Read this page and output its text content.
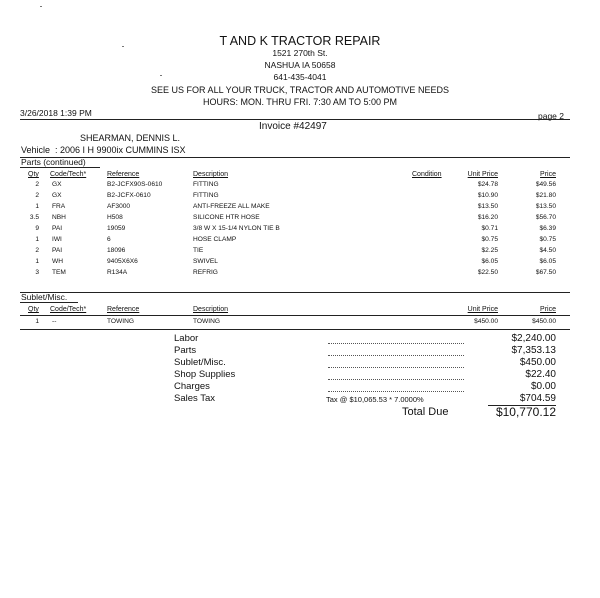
T AND K TRACTOR REPAIR
1521 270th St.
NASHUA IA 50658
641-435-4041
SEE US FOR ALL YOUR TRUCK, TRACTOR AND AUTOMOTIVE NEEDS
HOURS: MON. THRU FRI. 7:30 AM TO 5:00 PM
3/26/2018 1:39 PM	page 2
Invoice #42497
SHEARMAN, DENNIS L.
Vehicle : 2006 I H 9900ix CUMMINS ISX
Parts (continued)
Qty Code/Tech*	Reference	Description	Condition	Unit Price	Price
2 GX	B2-JCFX90S-0610	FITTING	$24.78	$49.56
2 GX	B2-JCFX-0610	FITTING	$10.90	$21.80
1 FRA	AF3000	ANTI-FREEZE ALL MAKE	$13.50	$13.50
3.5 NBH	H508	SILICONE HTR HOSE	$16.20	$56.70
9 PAI	19059	3/8 W X 15-1/4 NYLON TIE B	$0.71	$6.39
1 IWI	6	HOSE CLAMP	$0.75	$0.75
2 PAI	18096	TIE	$2.25	$4.50
1 WH	9405X6X6	SWIVEL	$6.05	$6.05
3 TEM	R134A	REFRIG	$22.50	$67.50
Sublet/Misc.
Qty Code/Tech*	Reference	Description	Unit Price	Price
1 --	TOWING	TOWING	$450.00	$450.00
Labor	$2,240.00
Parts	$7,353.13
Sublet/Misc.	$450.00
Shop Supplies	$22.40
Charges	$0.00
Sales Tax	Tax @ $10,065.53 * 7.0000%	$704.59
Total Due	$10,770.12
